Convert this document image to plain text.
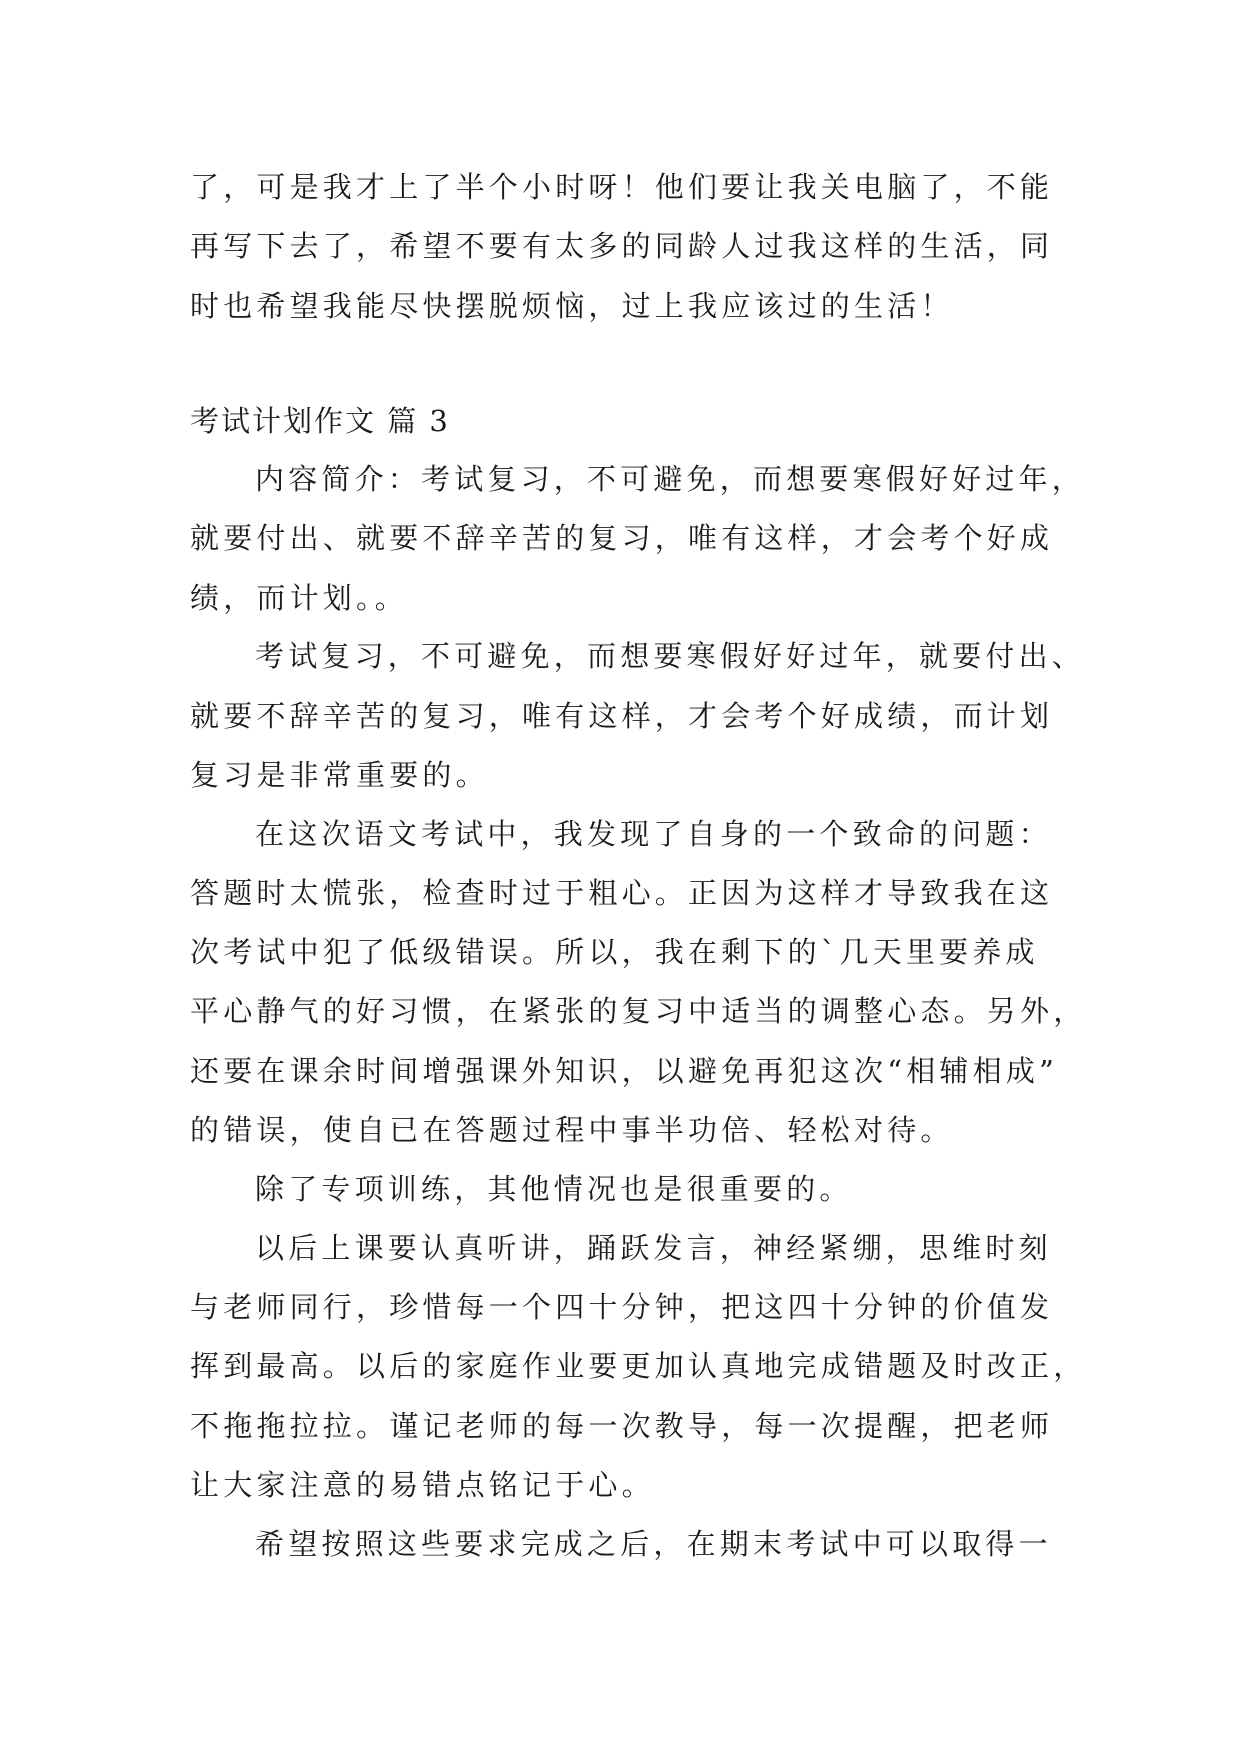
了，可是我才上了半个小时呀！他们要让我关电脑了，不能
再写下去了，希望不要有太多的同龄人过我这样的生活，同
时也希望我能尽快摆脱烦恼，过上我应该过的生活！
考试计划作文 篇 3
内容简介：考试复习，不可避免，而想要寒假好好过年，
就要付出、就要不辞辛苦的复习，唯有这样，才会考个好成
绩，而计划。。
考试复习，不可避免，而想要寒假好好过年，就要付出、
就要不辞辛苦的复习，唯有这样，才会考个好成绩，而计划
复习是非常重要的。
在这次语文考试中，我发现了自身的一个致命的问题：
答题时太慌张，检查时过于粗心。正因为这样才导致我在这
次考试中犯了低级错误。所以，我在剩下的`几天里要养成
平心静气的好习惯，在紧张的复习中适当的调整心态。另外，
还要在课余时间增强课外知识，以避免再犯这次“相辅相成”
的错误，使自已在答题过程中事半功倍、轻松对待。
除了专项训练，其他情况也是很重要的。
以后上课要认真听讲，踊跃发言，神经紧绷，思维时刻
与老师同行，珍惜每一个四十分钟，把这四十分钟的价值发
挥到最高。以后的家庭作业要更加认真地完成错题及时改正，
不拖拖拉拉。谨记老师的每一次教导，每一次提醒，把老师
让大家注意的易错点铭记于心。
希望按照这些要求完成之后，在期末考试中可以取得一
